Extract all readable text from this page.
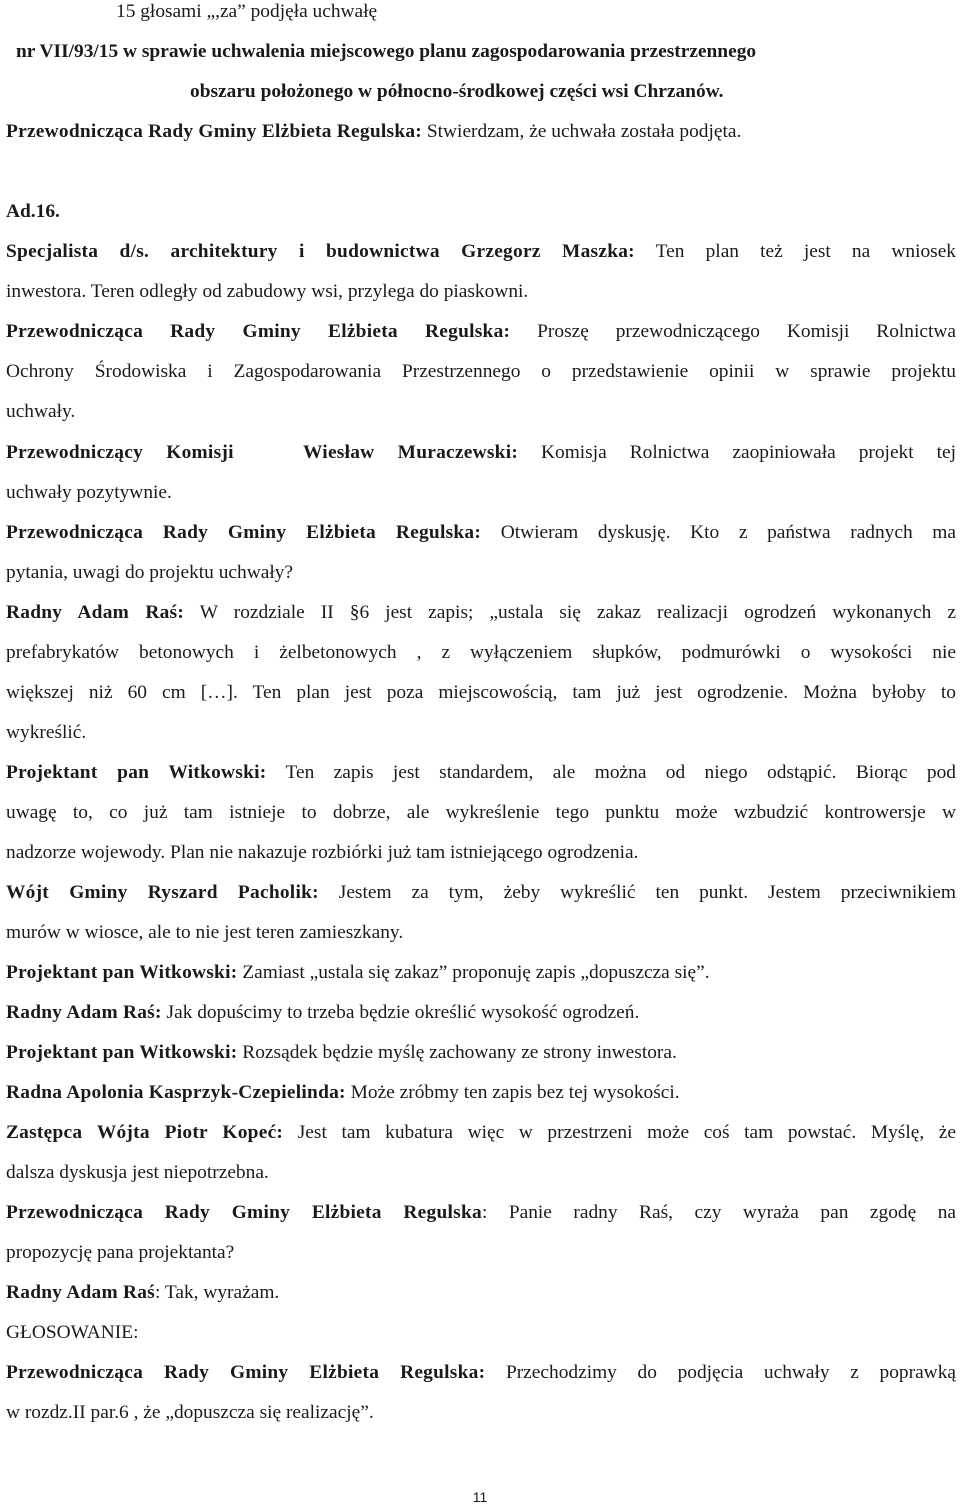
15 głosami „,za” podjęła uchwałę
nr VII/93/15 w sprawie uchwalenia miejscowego planu zagospodarowania przestrzennego
obszaru położonego w północno-środkowej części wsi Chrzanów.
Przewodnicząca Rady Gminy Elżbieta Regulska: Stwierdzam, że uchwała została podjęta.
Ad.16.
Specjalista d/s. architektury i budownictwa Grzegorz Maszka: Ten plan też jest na wniosek
inwestora. Teren odległy od zabudowy wsi, przylega do piaskowni.
Przewodnicząca Rady Gminy Elżbieta Regulska: Proszę przewodniczącego Komisji Rolnictwa
Ochrony Środowiska i Zagospodarowania Przestrzennego o przedstawienie opinii w sprawie projektu
uchwały.
Przewodniczący Komisji   Wiesław Muraczewski: Komisja Rolnictwa zaopiniowała projekt tej
uchwały pozytywnie.
Przewodnicząca Rady Gminy Elżbieta Regulska: Otwieram dyskusję. Kto z państwa radnych ma
pytania, uwagi do projektu uchwały?
Radny Adam Raś: W rozdziale II §6 jest zapis; „ustala się zakaz realizacji ogrodzeń wykonanych z
prefabrykatów betonowych i żelbetonowych , z wyłączeniem słupków, podmurówki o wysokości nie
większej niż 60 cm […]. Ten plan jest poza miejscowością, tam już jest ogrodzenie. Można byłoby to
wykreślić.
Projektant pan Witkowski: Ten zapis jest standardem, ale można od niego odstąpić. Biorąc pod
uwagę to, co już tam istnieje to dobrze, ale wykreślenie tego punktu może wzbudzić kontrowersje w
nadzorze wojewody. Plan nie nakazuje rozbiórki już tam istniejącego ogrodzenia.
Wójt Gminy Ryszard Pacholik: Jestem za tym, żeby wykreślić ten punkt. Jestem przeciwnikiem
murów w wiosce, ale to nie jest teren zamieszkany.
Projektant pan Witkowski: Zamiast „ustala się zakaz” proponuję zapis „dopuszcza się”.
Radny Adam Raś: Jak dopuścimy to trzeba będzie określić wysokość ogrodzeń.
Projektant pan Witkowski: Rozsądek będzie myślę zachowany ze strony inwestora.
Radna Apolonia Kasprzyk-Czepielinda: Może zróbmy ten zapis bez tej wysokości.
Zastępca Wójta Piotr Kopeć: Jest tam kubatura więc w przestrzeni może coś tam powstać. Myślę, że
dalsza dyskusja jest niepotrzebna.
Przewodnicząca Rady Gminy Elżbieta Regulska: Panie radny Raś, czy wyraża pan zgodę na
propozycję pana projektanta?
Radny Adam Raś: Tak, wyrażam.
GŁOSOWANIE:
Przewodnicząca Rady Gminy Elżbieta Regulska: Przechodzimy do podjęcia uchwały z poprawką
w rozdz.II par.6 , że „dopuszcza się realizację”.
11
